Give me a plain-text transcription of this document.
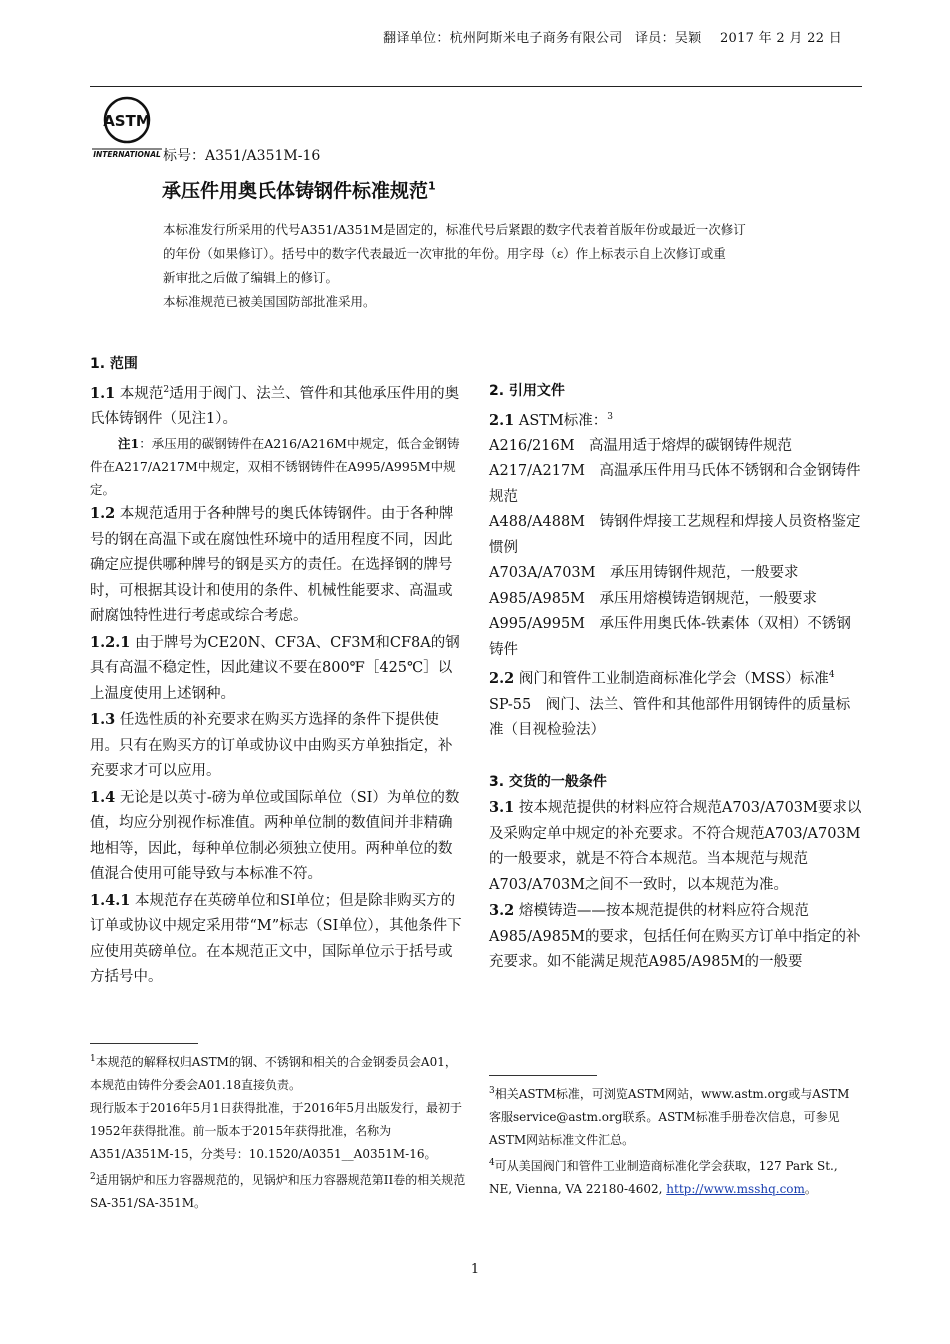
翻译单位：杭州阿斯米电子商务有限公司 译员：吴颖 2017 年 2 月 22 日
ASTM
INTERNATIONAL 标号：A351/A351M-16
承压件用奥氏体铸钢件标准规范$^1$

本标准发行所采用的代号A351/A351M是固定的，标准代号后紧跟的数字代表着首版年份或最近一次修订

的年份（如果修订）。括号中的数字代表最近一次审批的年份。用字母（ε）作上标表示自上次修订或重

新审批之后做了编辑上的修订。

本标准规范已被美国国防部批准采用。

1. 范围

1.1 本规范$^2$适用于阀门、法兰、管件和其他承压件用的奥氏体铸钢件（见注1）。

注1：承压用的碳钢铸件在A216/A216M中规定，低合金钢铸件在A217/A217M中规定，双相不锈钢铸件在A995/A995M中规定。

1.2 本规范适用于各种牌号的奥氏体铸钢件。由于各种牌号的钢在高温下或在腐蚀性环境中的适用程度不同，因此确定应提供哪种牌号的钢是买方的责任。在选择钢的牌号时，可根据其设计和使用的条件、机械性能要求、高温或耐腐蚀特性进行考虑或综合考虑。

1.2.1 由于牌号为CE20N、CF3A、CF3M和CF8A的钢具有高温不稳定性，因此建议不要在800℉［425℃］以上温度使用上述钢种。

1.3 任选性质的补充要求在购买方选择的条件下提供使用。只有在购买方的订单或协议中由购买方单独指定，补充要求才可以应用。

1.4 无论是以英寸-磅为单位或国际单位（SI）为单位的数值，均应分别视作标准值。两种单位制的数值间并非精确地相等，因此，每种单位制必须独立使用。两种单位的数值混合使用可能导致与本标准不符。

1.4.1 本规范存在英磅单位和SI单位；但是除非购买方的订单或协议中规定采用带“M”标志（SI单位），其他条件下应使用英磅单位。在本规范正文中，国际单位示于括号或方括号中。

2. 引用文件

2.1 ASTM标准：$^3$

A216/216M　高温用适于熔焊的碳钢铸件规范

A217/A217M　高温承压件用马氏体不锈钢和合金钢铸件规范

A488/A488M　铸钢件焊接工艺规程和焊接人员资格鉴定惯例

A703A/A703M　承压用铸钢件规范，一般要求

A985/A985M　承压用熔模铸造钢规范，一般要求

A995/A995M　承压件用奥氏体-铁素体（双相）不锈钢铸件

2.2 阀门和管件工业制造商标准化学会（MSS）标准$^4$

SP-55　阀门、法兰、管件和其他部件用钢铸件的质量标准（目视检验法）

3. 交货的一般条件

3.1 按本规范提供的材料应符合规范A703/A703M要求以及采购定单中规定的补充要求。不符合规范A703/A703M的一般要求，就是不符合本规范。当本规范与规范A703/A703M之间不一致时，以本规范为准。

3.2 熔模铸造——按本规范提供的材料应符合规范A985/A985M的要求，包括任何在购买方订单中指定的补充要求。如不能满足规范A985/A985M的一般要

$^1$本规范的解释权归ASTM的钢、不锈钢和相关的合金钢委员会A01，本规范由铸件分委会A01.18直接负责。

现行版本于2016年5月1日获得批准，于2016年5月出版发行，最初于1952年获得批准。前一版本于2015年获得批准，名称为A351/A351M-15，分类号：10.1520/A0351__A0351M-16。

$^2$适用锅炉和压力容器规范的，见锅炉和压力容器规范第II卷的相关规范SA-351/SA-351M。

$^3$相关ASTM标准，可浏览ASTM网站，www.astm.org或与ASTM客服service@astm.org联系。ASTM标准手册卷次信息，可参见ASTM网站标准文件汇总。

$^4$可从美国阀门和管件工业制造商标准化学会获取，127 Park St., NE, Vienna, VA 22180-4602, http://www.msshq.com。

1
